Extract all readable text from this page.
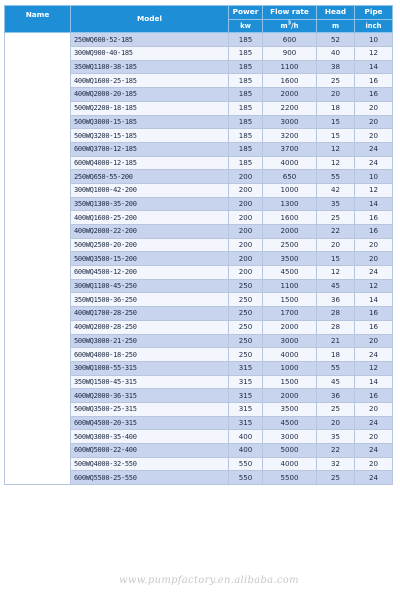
Name	Model	Power	Flow rate	Head	Pipe
		kw	$m^3/h$	m	inch
	250WQ600-52-185	185	600	52	10
	300WQ900-40-185	185	900	40	12
	350WQ1100-38-185	185	1100	38	14
	400WQ1600-25-185	185	1600	25	16
	400WQ2000-20-185	185	2000	20	16
	500WQ2200-18-185	185	2200	18	20
	500WQ3000-15-185	185	3000	15	20
	500WQ3200-15-185	185	3200	15	20
	600WQ3700-12-185	185	3700	12	24
	600WQ4000-12-185	185	4000	12	24
	250WQ650-55-200	200	650	55	10
	300WQ1000-42-200	200	1000	42	12
	350WQ1300-35-200	200	1300	35	14
	400WQ1600-25-200	200	1600	25	16
	400WQ2000-22-200	200	2000	22	16
	500WQ2500-20-200	200	2500	20	20
	500WQ3500-15-200	200	3500	15	20
	600WQ4500-12-200	200	4500	12	24
	300WQ1100-45-250	250	1100	45	12
	350WQ1500-36-250	250	1500	36	14
	400WQ1700-28-250	250	1700	28	16
	400WQ2000-28-250	250	2000	28	16
	500WQ3000-21-250	250	3000	21	20
	600WQ4000-18-250	250	4000	18	24
	300WQ1000-55-315	315	1000	55	12
	350WQ1500-45-315	315	1500	45	14
	400WQ2000-36-315	315	2000	36	16
	500WQ3500-25-315	315	3500	25	20
	600WQ4500-20-315	315	4500	20	24
	500WQ3000-35-400	400	3000	35	20
	600WQ5000-22-400	400	5000	22	24
	500WQ4000-32-550	550	4000	32	20
	600WQ5500-25-550	550	5500	25	24
www.pumpfactory.en.alibaba.com
